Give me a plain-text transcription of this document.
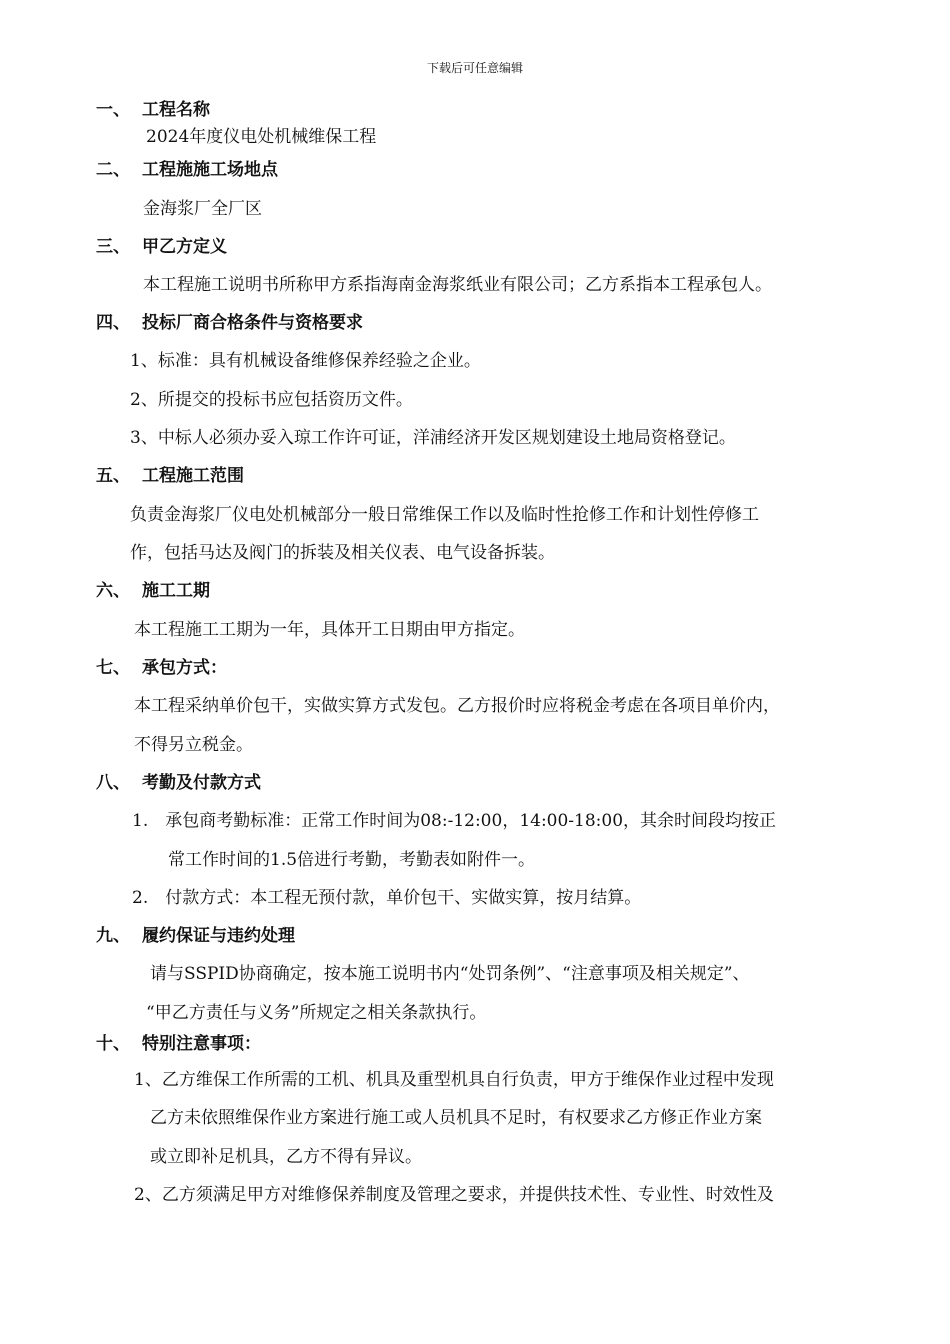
下载后可任意编辑
一、 工程名称
2024年度仪电处机械维保工程
二、 工程施施工场地点
金海浆厂全厂区
三、 甲乙方定义
本工程施工说明书所称甲方系指海南金海浆纸业有限公司；乙方系指本工程承包人。
四、 投标厂商合格条件与资格要求
1、标准：具有机械设备维修保养经验之企业。
2、所提交的投标书应包括资历文件。
3、中标人必须办妥入琼工作许可证，洋浦经济开发区规划建设土地局资格登记。
五、 工程施工范围
负责金海浆厂仪电处机械部分一般日常维保工作以及临时性抢修工作和计划性停修工
作，包括马达及阀门的拆装及相关仪表、电气设备拆装。
六、 施工工期
本工程施工工期为一年，具体开工日期由甲方指定。
七、 承包方式：
本工程采纳单价包干，实做实算方式发包。乙方报价时应将税金考虑在各项目单价内，
不得另立税金。
八、 考勤及付款方式
1.　承包商考勤标准：正常工作时间为08:-12:00，14:00-18:00，其余时间段均按正
常工作时间的1.5倍进行考勤，考勤表如附件一。
2.　付款方式：本工程无预付款，单价包干、实做实算，按月结算。
九、 履约保证与违约处理
请与SSPID协商确定，按本施工说明书内“处罚条例”、“注意事项及相关规定”、
“甲乙方责任与义务”所规定之相关条款执行。
十、 特别注意事项：
1、乙方维保工作所需的工机、机具及重型机具自行负责，甲方于维保作业过程中发现
乙方未依照维保作业方案进行施工或人员机具不足时，有权要求乙方修正作业方案
或立即补足机具，乙方不得有异议。
2、乙方须满足甲方对维修保养制度及管理之要求，并提供技术性、专业性、时效性及
